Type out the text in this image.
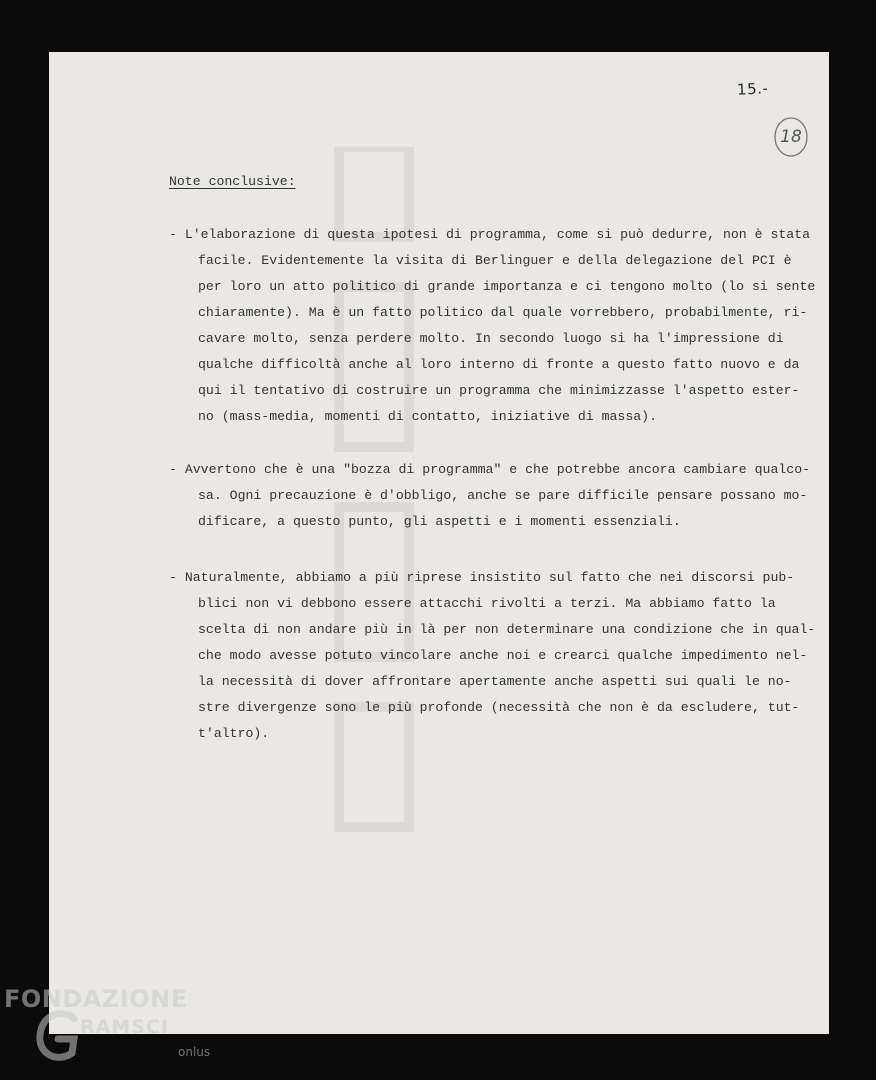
15.-
18
Note conclusive:
- L'elaborazione di questa ipotesi di programma, come si può dedurre, non è stata
facile. Evidentemente la visita di Berlinguer e della delegazione del PCI è
per loro un atto politico di grande importanza e ci tengono molto (lo si sente
chiaramente). Ma è un fatto politico dal quale vorrebbero, probabilmente, ri-
cavare molto, senza perdere molto. In secondo luogo si ha l'impressione di
qualche difficoltà anche al loro interno di fronte a questo fatto nuovo e da
qui il tentativo di costruire un programma che minimizzasse l'aspetto ester-
no (mass-media, momenti di contatto, iniziative di massa).
- Avvertono che è una "bozza di programma" e che potrebbe ancora cambiare qualco-
sa. Ogni precauzione è d'obbligo, anche se pare difficile pensare possano mo-
dificare, a questo punto, gli aspetti e i momenti essenziali.
- Naturalmente, abbiamo a più riprese insistito sul fatto che nei discorsi pub-
blici non vi debbono essere attacchi rivolti a terzi. Ma abbiamo fatto la
scelta di non andare più in là per non determinare una condizione che in qual-
che modo avesse potuto vincolare anche noi e crearci qualche impedimento nel-
la necessità di dover affrontare apertamente anche aspetti sui quali le no-
stre divergenze sono le più profonde (necessità che non è da escludere, tut-
t'altro).
FONDAZIONE
RAMSCI
onlus
